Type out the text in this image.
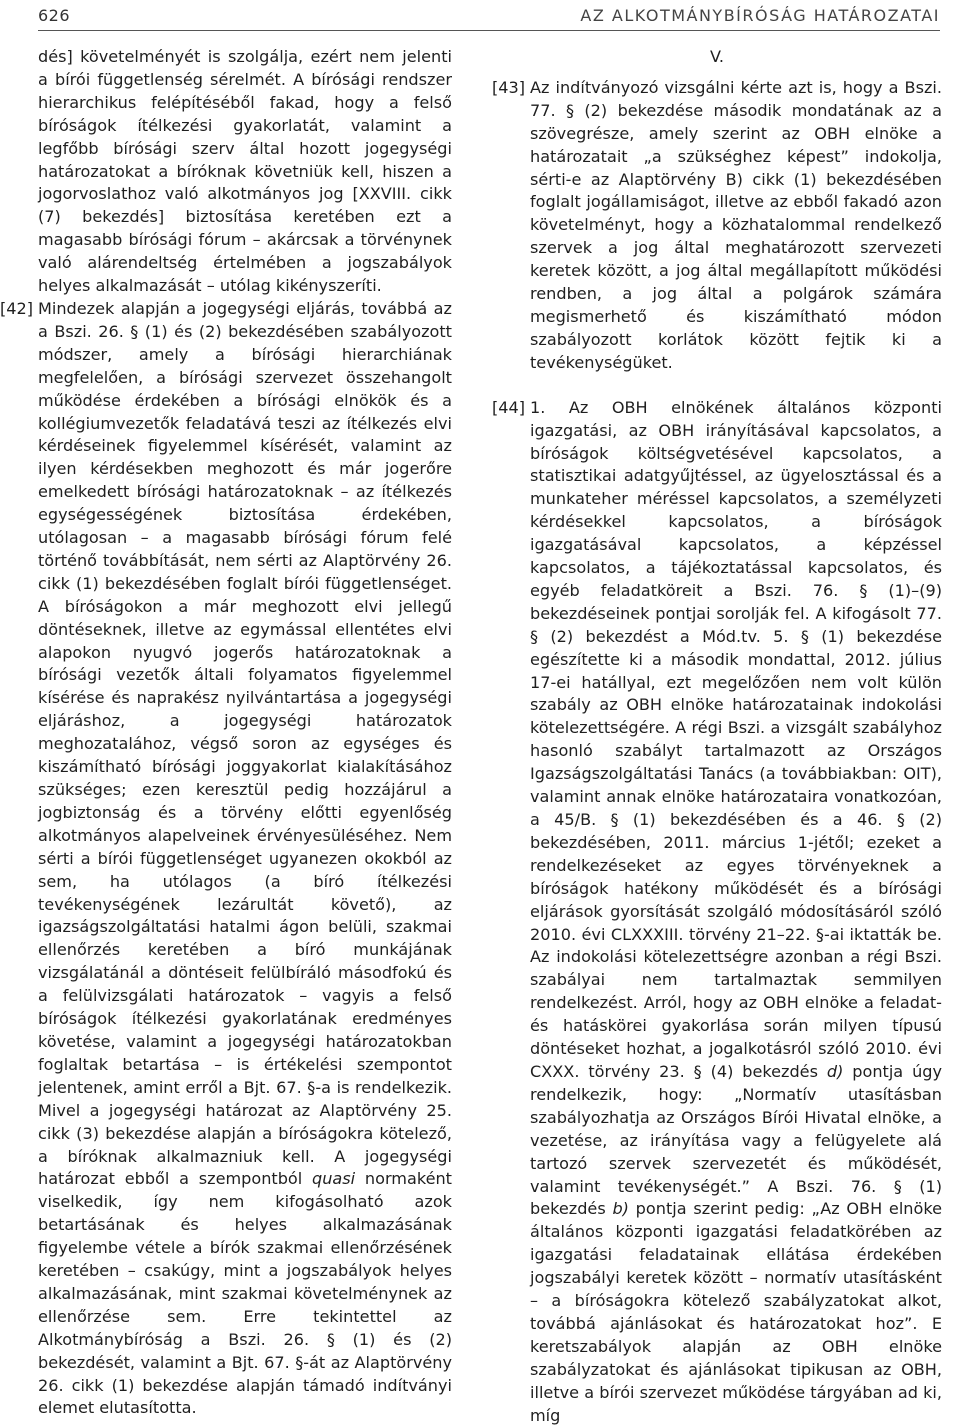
626	AZ ALKOTMÁNYBÍRÓSÁG HATÁROZATAI

dés] követelményét is szolgálja, ezért nem jelenti a bírói függetlenség sérelmét. A bírósági rendszer hierarchikus felépítéséből fakad, hogy a felső bíróságok ítélkezési gyakorlatát, valamint a legfőbb bírósági szerv által hozott jogegységi határozatokat a bíróknak követniük kell, hiszen a jogorvoslathoz való alkotmányos jog [XXVIII. cikk (7) bekezdés] biztosítása keretében ezt a magasabb bírósági fórum – akárcsak a törvénynek való alárendeltség értelmében a jogszabályok helyes alkalmazását – utólag kikényszeríti.

[42] Mindezek alapján a jogegységi eljárás, továbbá az a Bszi. 26. § (1) és (2) bekezdésében szabályozott módszer, amely a bírósági hierarchiának megfelelően, a bírósági szervezet összehangolt működése érdekében a bírósági elnökök és a kollégiumvezetők feladatává teszi az ítélkezés elvi kérdéseinek figyelemmel kísérését, valamint az ilyen kérdésekben meghozott és már jogerőre emelkedett bírósági határozatoknak – az ítélkezés egységességének biztosítása érdekében, utólagosan – a magasabb bírósági fórum felé történő továbbítását, nem sérti az Alaptörvény 26. cikk (1) bekezdésében foglalt bírói függetlenséget. A bíróságokon a már meghozott elvi jellegű döntéseknek, illetve az egymással ellentétes elvi alapokon nyugvó jogerős határozatoknak a bírósági vezetők általi folyamatos figyelemmel kísérése és naprakész nyilvántartása a jogegységi eljáráshoz, a jogegységi határozatok meghozatalához, végső soron az egységes és kiszámítható bírósági joggyakorlat kialakításához szükséges; ezen keresztül pedig hozzájárul a jogbiztonság és a törvény előtti egyenlőség alkotmányos alapelveinek érvényesüléséhez. Nem sérti a bírói függetlenséget ugyanezen okokból az sem, ha utólagos (a bíró ítélkezési tevékenységének lezárultát követő), az igazságszolgáltatási hatalmi ágon belüli, szakmai ellenőrzés keretében a bíró munkájának vizsgálatánál a döntéseit felülbíráló másodfokú és a felülvizsgálati határozatok – vagyis a felső bíróságok ítélkezési gyakorlatának eredményes követése, valamint a jogegységi határozatokban foglaltak betartása – is értékelési szempontot jelentenek, amint erről a Bjt. 67. §-a is rendelkezik. Mivel a jogegységi határozat az Alaptörvény 25. cikk (3) bekezdése alapján a bíróságokra kötelező, a bíróknak alkalmazniuk kell. A jogegységi határozat ebből a szempontból quasi normaként viselkedik, így nem kifogásolható azok betartásának és helyes alkalmazásának figyelembe vétele a bírók szakmai ellenőrzésének keretében – csakúgy, mint a jogszabályok helyes alkalmazásának, mint szakmai követelménynek az ellenőrzése sem. Erre tekintettel az Alkotmánybíróság a Bszi. 26. § (1) és (2) bekezdését, valamint a Bjt. 67. §-át az Alaptörvény 26. cikk (1) bekezdése alapján támadó indítványi elemet elutasította.

V.

[43] Az indítványozó vizsgálni kérte azt is, hogy a Bszi. 77. § (2) bekezdése második mondatának az a szövegrésze, amely szerint az OBH elnöke a határozatait „a szükséghez képest” indokolja, sérti-e az Alaptörvény B) cikk (1) bekezdésében foglalt jogállamiságot, illetve az ebből fakadó azon követelményt, hogy a közhatalommal rendelkező szervek a jog által meghatározott szervezeti keretek között, a jog által megállapított működési rendben, a jog által a polgárok számára megismerhető és kiszámítható módon szabályozott korlátok között fejtik ki a tevékenységüket.

[44] 1. Az OBH elnökének általános központi igazgatási, az OBH irányításával kapcsolatos, a bíróságok költségvetésével kapcsolatos, a statisztikai adatgyűjtéssel, az ügyelosztással és a munkateher méréssel kapcsolatos, a személyzeti kérdésekkel kapcsolatos, a bíróságok igazgatásával kapcsolatos, a képzéssel kapcsolatos, a tájékoztatással kapcsolatos, és egyéb feladatköreit a Bszi. 76. § (1)–(9) bekezdéseinek pontjai sorolják fel. A kifogásolt 77. § (2) bekezdést a Mód.tv. 5. § (1) bekezdése egészítette ki a második mondattal, 2012. július 17-ei hatállyal, ezt megelőzően nem volt külön szabály az OBH elnöke határozatainak indokolási kötelezettségére. A régi Bszi. a vizsgált szabályhoz hasonló szabályt tartalmazott az Országos Igazságszolgáltatási Tanács (a továbbiakban: OIT), valamint annak elnöke határozataira vonatkozóan, a 45/B. § (1) bekezdésében és a 46. § (2) bekezdésében, 2011. március 1-jétől; ezeket a rendelkezéseket az egyes törvényeknek a bíróságok hatékony működését és a bírósági eljárások gyorsítását szolgáló módosításáról szóló 2010. évi CLXXXIII. törvény 21–22. §-ai iktatták be. Az indokolási kötelezettségre azonban a régi Bszi. szabályai nem tartalmaztak semmilyen rendelkezést. Arról, hogy az OBH elnöke a feladat- és hatáskörei gyakorlása során milyen típusú döntéseket hozhat, a jogalkotásról szóló 2010. évi CXXX. törvény 23. § (4) bekezdés d) pontja úgy rendelkezik, hogy: „Normatív utasításban szabályozhatja az Országos Bírói Hivatal elnöke, a vezetése, az irányítása vagy a felügyelete alá tartozó szervek szervezetét és működését, valamint tevékenységét.” A Bszi. 76. § (1) bekezdés b) pontja szerint pedig: „Az OBH elnöke általános központi igazgatási feladatkörében az igazgatási feladatainak ellátása érdekében jogszabályi keretek között – normatív utasításként – a bíróságokra kötelező szabályzatokat alkot, továbbá ajánlásokat és határozatokat hoz”. E keretszabályok alapján az OBH elnöke szabályzatokat és ajánlásokat tipikusan az OBH, illetve a bírói szervezet működése tárgyában ad ki, míg
